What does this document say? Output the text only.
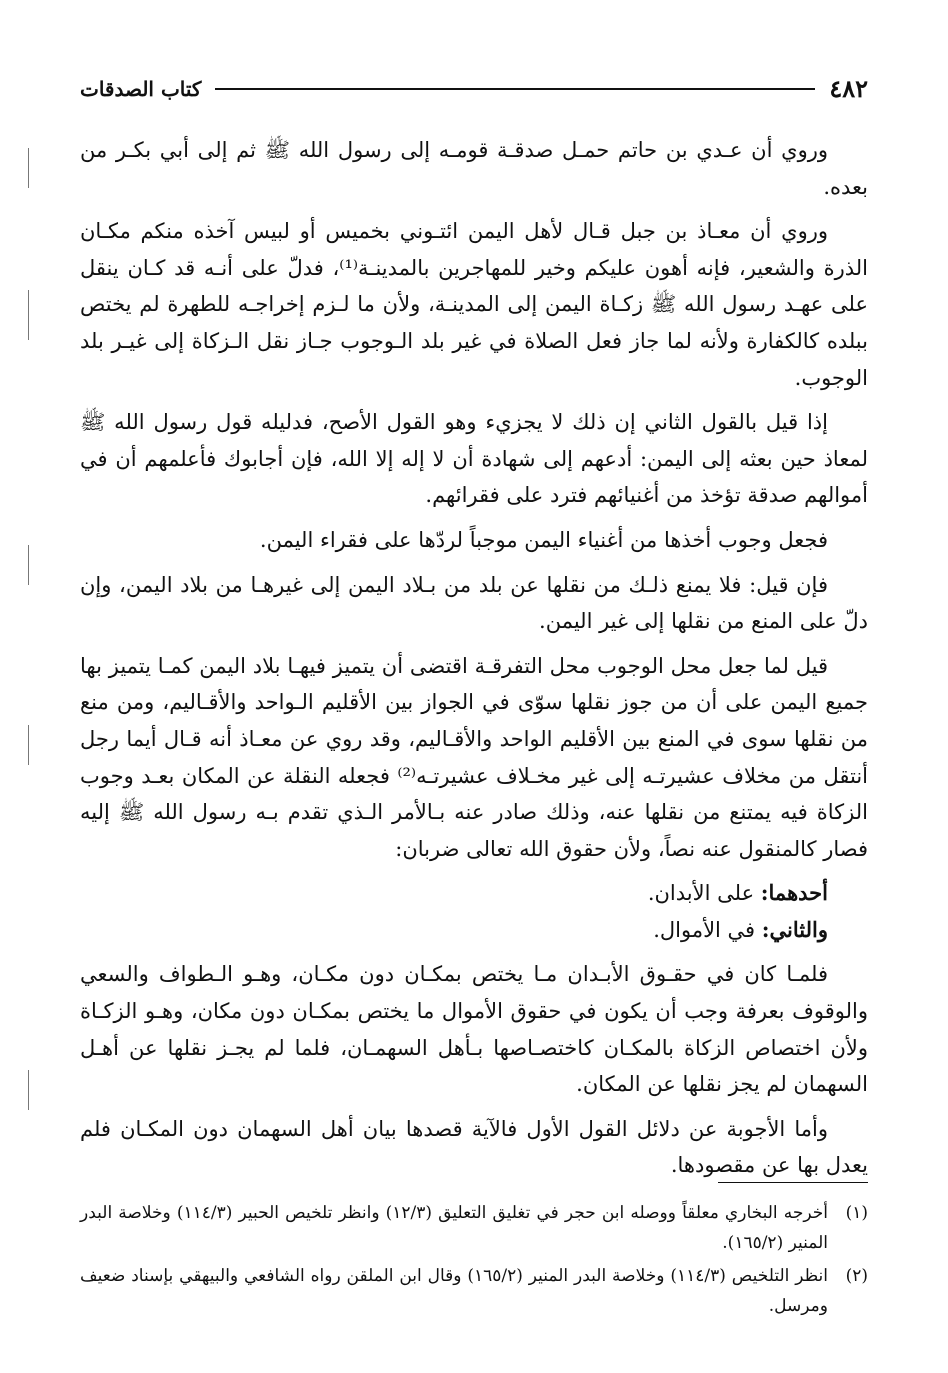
٤٨٢
كتاب الصدقات

وروي أن عـدي بن حاتم حمـل صدقـة قومـه إلى رسول الله ﷺ ثم إلى أبي بكـر من بعده.

وروي أن معـاذ بن جبل قـال لأهل اليمن ائتـوني بخميس أو لبيس آخذه منكم مكـان الذرة والشعير، فإنه أهون عليكم وخير للمهاجرين بالمدينـة⁽¹⁾، فدلّ على أنـه قد كـان ينقل على عهـد رسول الله ﷺ زكـاة اليمن إلى المدينـة، ولأن ما لـزم إخراجـه للطهرة لم يختص ببلده كالكفارة ولأنه لما جاز فعل الصلاة في غير بلد الـوجوب جـاز نقل الـزكاة إلى غيـر بلد الوجوب.

إذا قيل بالقول الثاني إن ذلك لا يجزيء وهو القول الأصح، فدليله قول رسول الله ﷺ لمعاذ حين بعثه إلى اليمن: أدعهم إلى شهادة أن لا إله إلا الله، فإن أجابوك فأعلمهم أن في أموالهم صدقة تؤخذ من أغنيائهم فترد على فقرائهم.

فجعل وجوب أخذها من أغنياء اليمن موجباً لردّها على فقراء اليمن.

فإن قيل: فلا يمنع ذلـك من نقلها عن بلد من بـلاد اليمن إلى غيرهـا من بلاد اليمن، وإن دلّ على المنع من نقلها إلى غير اليمن.

قيل لما جعل محل الوجوب محل التفرقـة اقتضى أن يتميز فيهـا بلاد اليمن كمـا يتميز بها جميع اليمن على أن من جوز نقلها سوّى في الجواز بين الأقليم الـواحد والأقـاليم، ومن منع من نقلها سوى في المنع بين الأقليم الواحد والأقـاليم، وقد روي عن معـاذ أنه قـال أيما رجل أنتقل من مخلاف عشيرتـه إلى غير مخـلاف عشيرتـه⁽²⁾ فجعله النقلة عن المكان بعـد وجوب الزكاة فيه يمتنع من نقلها عنه، وذلك صادر عنه بـالأمر الـذي تقدم بـه رسول الله ﷺ إليه فصار كالمنقول عنه نصاً، ولأن حقوق الله تعالى ضربان:

أحدهما: على الأبدان.

والثاني: في الأموال.

فلمـا كان في حقـوق الأبـدان مـا يختص بمكـان دون مكـان، وهـو الـطواف والسعي والوقوف بعرفة وجب أن يكون في حقوق الأموال ما يختص بمكـان دون مكان، وهـو الزكـاة ولأن اختصاص الزكاة بالمكـان كاختصـاصها بـأهل السهمـان، فلما لم يجـز نقلها عن أهـل السهمان لم يجز نقلها عن المكان.

وأما الأجوبة عن دلائل القول الأول فالآية قصدها بيان أهل السهمان دون المكـان فلم يعدل بها عن مقصودها.

(١)
أخرجه البخاري معلقاً ووصله ابن حجر في تغليق التعليق (١٢/٣) وانظر تلخيص الحبير (١١٤/٣) وخلاصة البدر المنير (١٦٥/٢).
(٢)
انظر التلخيص (١١٤/٣) وخلاصة البدر المنير (١٦٥/٢) وقال ابن الملقن رواه الشافعي والبيهقي بإسناد ضعيف ومرسل.
